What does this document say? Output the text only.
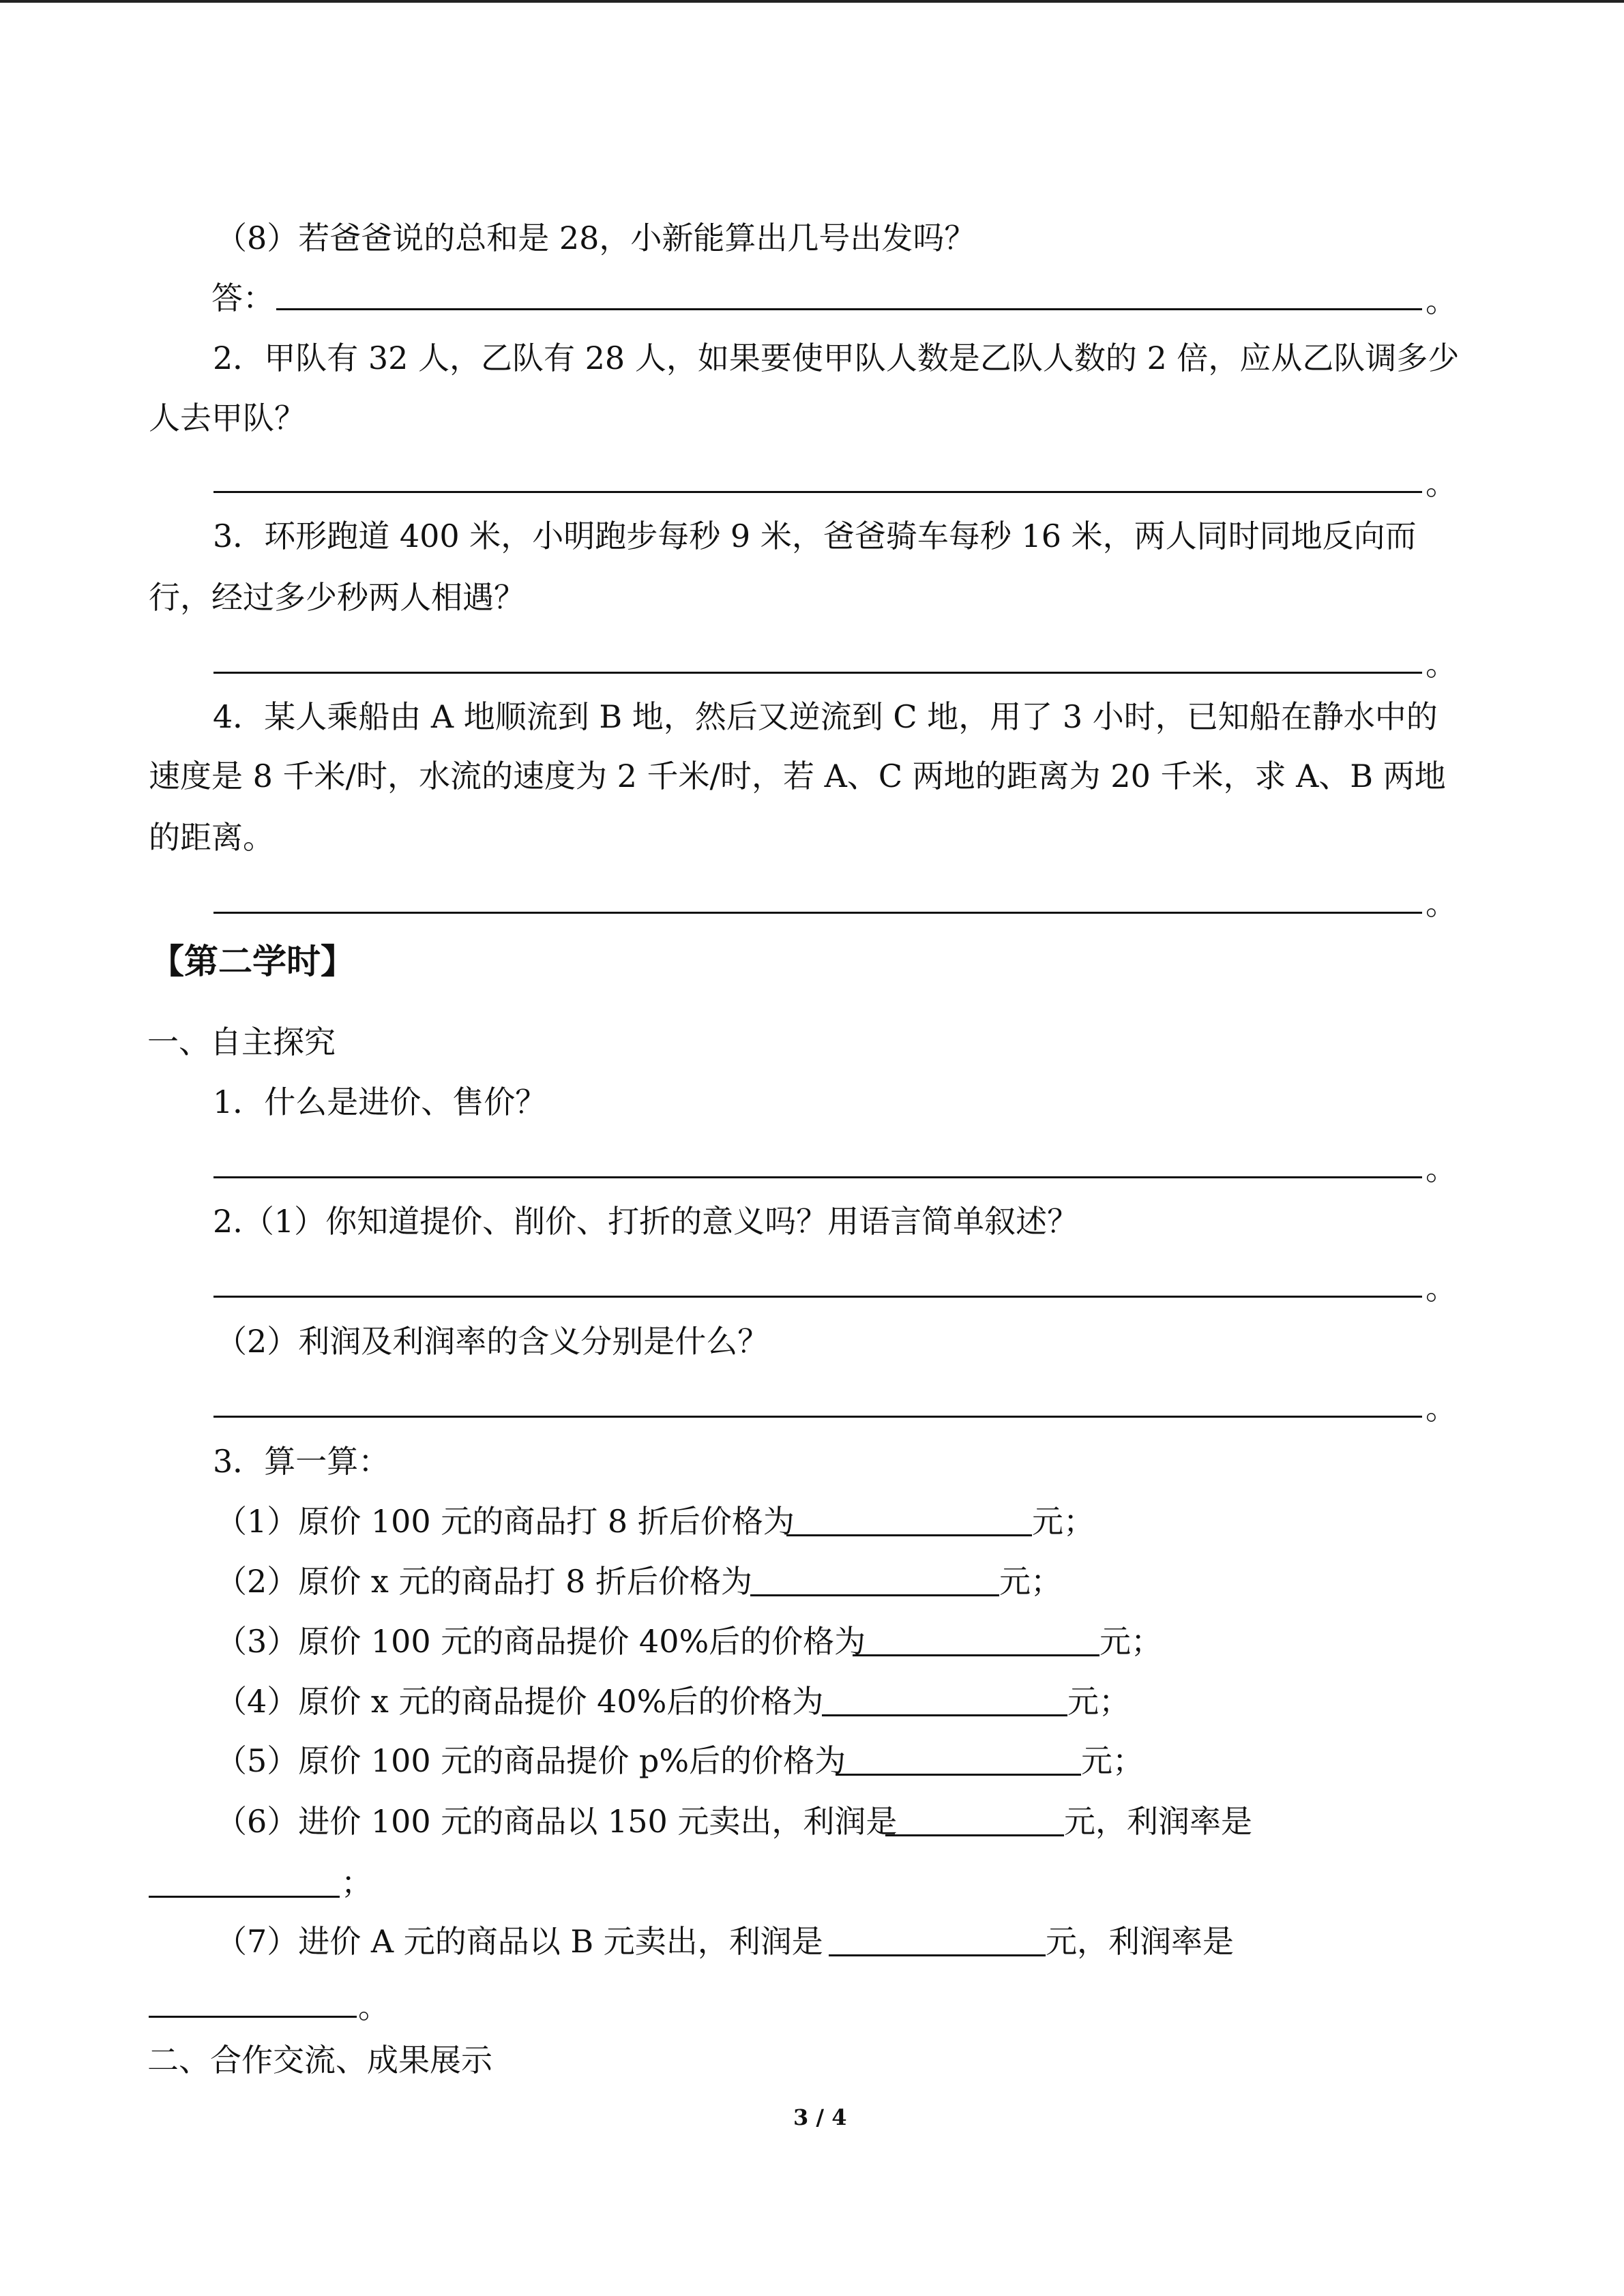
（8）若爸爸说的总和是 28，小新能算出几号出发吗？
答：	。
2．甲队有 32 人，乙队有 28 人，如果要使甲队人数是乙队人数的 2 倍，应从乙队调多少
人去甲队？
。
3．环形跑道 400 米，小明跑步每秒 9 米，爸爸骑车每秒 16 米，两人同时同地反向而
行，经过多少秒两人相遇？
。
4．某人乘船由 A 地顺流到 B 地，然后又逆流到 C 地，用了 3 小时，已知船在静水中的
速度是 8 千米/时，水流的速度为 2 千米/时，若 A、C 两地的距离为 20 千米，求 A、B 两地
的距离。
。
【第二学时】
一、自主探究
1．什么是进价、售价？
。
2.（1）你知道提价、削价、打折的意义吗？用语言简单叙述？
。
（2）利润及利润率的含义分别是什么？
。
3．算一算：
（1）原价 100 元的商品打 8 折后价格为	元；
（2）原价 x 元的商品打 8 折后价格为	元；
（3）原价 100 元的商品提价 40%后的价格为	元；
（4）原价 x 元的商品提价 40%后的价格为	元；
（5）原价 100 元的商品提价 p%后的价格为	元；
（6）进价 100 元的商品以 150 元卖出，利润是	元，利润率是
；
（7）进价 A 元的商品以 B 元卖出，利润是	元，利润率是
。
二、合作交流、成果展示
3 / 4
